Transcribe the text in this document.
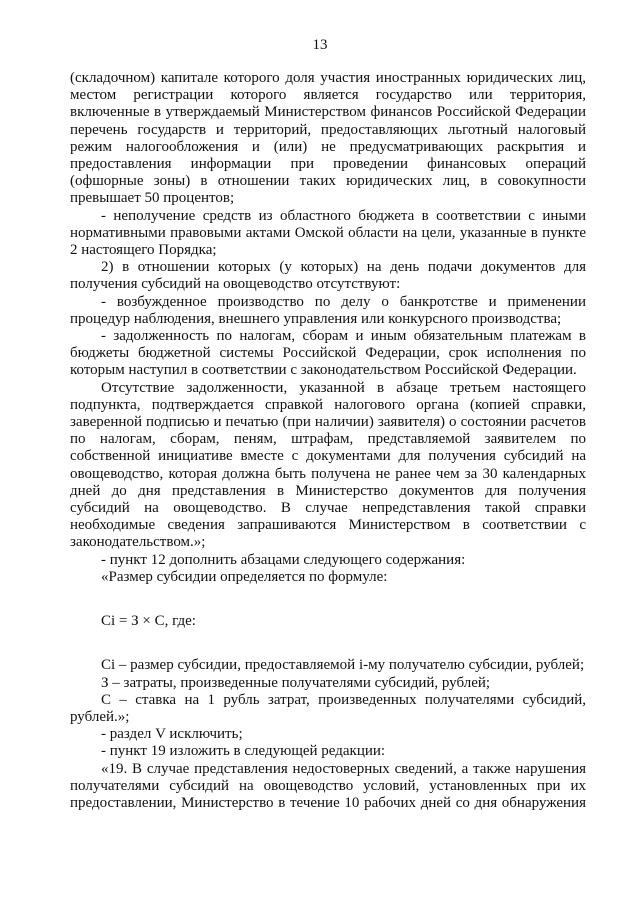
13

(складочном) капитале которого доля участия иностранных юридических лиц, местом регистрации которого является государство или территория, включенные в утверждаемый Министерством финансов Российской Федерации перечень государств и территорий, предоставляющих льготный налоговый режим налогообложения и (или) не предусматривающих раскрытия и предоставления информации при проведении финансовых операций (офшорные зоны) в отношении таких юридических лиц, в совокупности превышает 50 процентов;

- неполучение средств из областного бюджета в соответствии с иными нормативными правовыми актами Омской области на цели, указанные в пункте 2 настоящего Порядка;

2) в отношении которых (у которых) на день подачи документов для получения субсидий на овощеводство отсутствуют:

- возбужденное производство по делу о банкротстве и применении процедур наблюдения, внешнего управления или конкурсного производства;

- задолженность по налогам, сборам и иным обязательным платежам в бюджеты бюджетной системы Российской Федерации, срок исполнения по которым наступил в соответствии с законодательством Российской Федерации.

Отсутствие задолженности, указанной в абзаце третьем настоящего подпункта, подтверждается справкой налогового органа (копией справки, заверенной подписью и печатью (при наличии) заявителя) о состоянии расчетов по налогам, сборам, пеням, штрафам, представляемой заявителем по собственной инициативе вместе с документами для получения субсидий на овощеводство, которая должна быть получена не ранее чем за 30 календарных дней до дня представления в Министерство документов для получения субсидий на овощеводство. В случае непредставления такой справки необходимые сведения запрашиваются Министерством в соответствии с законодательством.»;

- пункт 12 дополнить абзацами следующего содержания:

«Размер субсидии определяется по формуле:

Ci = З × С, где:

Ci – размер субсидии, предоставляемой i-му получателю субсидии, рублей;

З – затраты, произведенные получателями субсидий, рублей;

С – ставка на 1 рубль затрат, произведенных получателями субсидий, рублей.»;

- раздел V исключить;

- пункт 19 изложить в следующей редакции:

«19. В случае представления недостоверных сведений, а также нарушения получателями субсидий на овощеводство условий, установленных при их предоставлении, Министерство в течение 10 рабочих дней со дня обнаружения
